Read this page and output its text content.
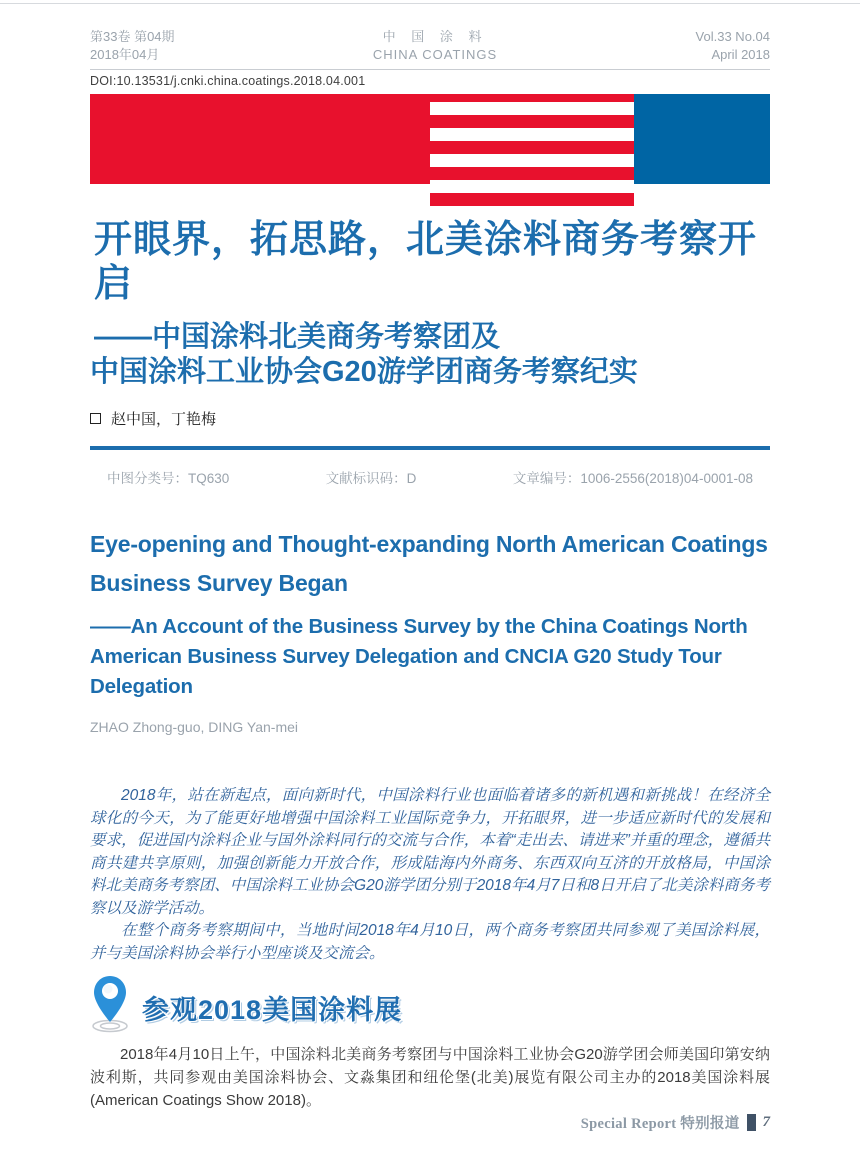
第33卷 第04期
2018年04月
中 国 涂 料
CHINA COATINGS
Vol.33 No.04
April 2018
DOI:10.13531/j.cnki.china.coatings.2018.04.001
开眼界，拓思路，北美涂料商务考察开启
——中国涂料北美商务考察团及
中国涂料工业协会G20游学团商务考察纪实
赵中国，丁艳梅
中图分类号：TQ630	文献标识码：D	文章编号：1006-2556(2018)04-0001-08
Eye-opening and Thought-expanding North American Coatings Business Survey Began
——An Account of the Business Survey by the China Coatings North American Business Survey Delegation and CNCIA G20 Study Tour Delegation
ZHAO Zhong-guo, DING Yan-mei

2018年，站在新起点，面向新时代，中国涂料行业也面临着诸多的新机遇和新挑战！在经济全球化的今天，为了能更好地增强中国涂料工业国际竞争力，开拓眼界，进一步适应新时代的发展和要求，促进国内涂料企业与国外涂料同行的交流与合作，本着“走出去、请进来”并重的理念，遵循共商共建共享原则，加强创新能力开放合作，形成陆海内外商务、东西双向互济的开放格局，中国涂料北美商务考察团、中国涂料工业协会G20游学团分别于2018年4月7日和8日开启了北美涂料商务考察以及游学活动。

在整个商务考察期间中，当地时间2018年4月10日，两个商务考察团共同参观了美国涂料展，并与美国涂料协会举行小型座谈及交流会。

参观2018美国涂料展

2018年4月10日上午，中国涂料北美商务考察团与中国涂料工业协会G20游学团会师美国印第安纳波利斯，共同参观由美国涂料协会、文淼集团和纽伦堡(北美)展览有限公司主办的2018美国涂料展(American Coatings Show 2018)。

Special Report 特别报道 7
